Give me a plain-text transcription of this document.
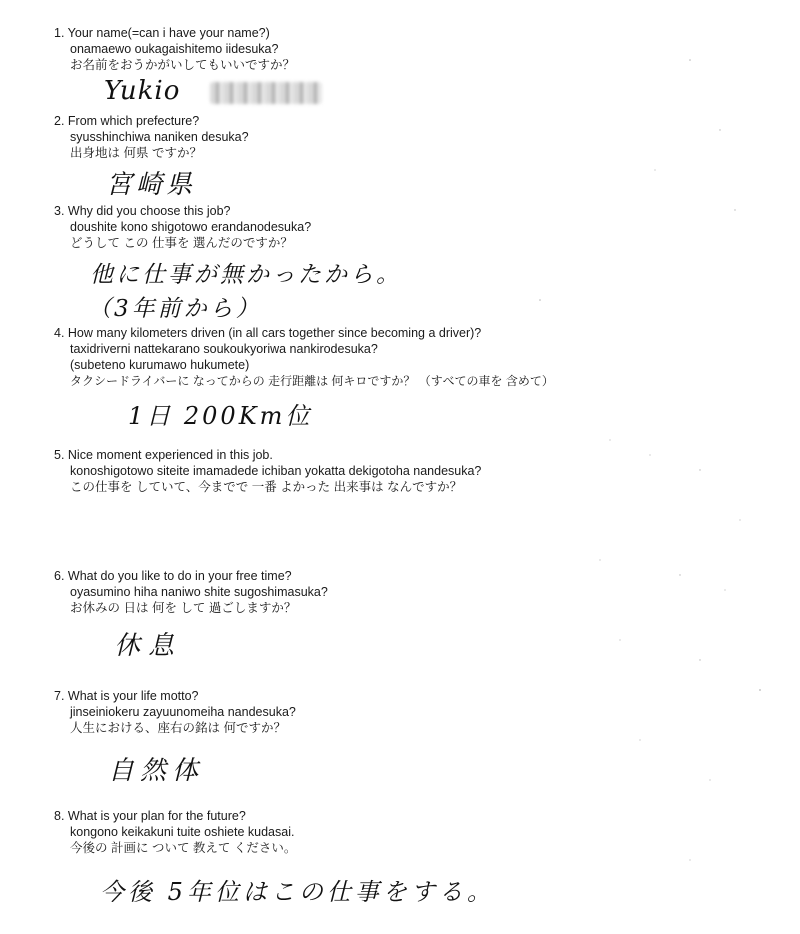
1. Your name(=can i have your name?)
onamaewo oukagaishitemo iidesuka?
お名前をおうかがいしてもいいですか？
Yukio
2. From which prefecture?
syusshinchiwa naniken desuka?
出身地は 何県 ですか？
宮崎県
3. Why did you choose this job?
doushite kono shigotowo erandanodesuka?
どうして この 仕事を 選んだのですか？
他に仕事が無かったから。
（3年前から）
4. How many kilometers driven (in all cars together since becoming a driver)?
taxidriverni nattekarano soukoukyoriwa nankirodesuka?
(subeteno kurumawo hukumete)
タクシードライバーに なってからの 走行距離は 何キロですか？ （すべての車を 含めて）
1日 200Km位
5. Nice moment experienced in this job.
konoshigotowo siteite imamadede ichiban yokatta dekigotoha nandesuka?
この仕事を していて、今までで 一番 よかった 出来事は なんですか？
6. What do you like to do in your free time?
oyasumino hiha naniwo shite sugoshimasuka?
お休みの 日は 何を して 過ごしますか？
休息
7. What is your life motto?
jinseiniokeru zayuunomeiha nandesuka?
人生における、座右の銘は 何ですか？
自然体
8. What is your plan for the future?
kongono keikakuni tuite oshiete kudasai.
今後の 計画に ついて 教えて ください。
今後 5年位はこの仕事をする。
